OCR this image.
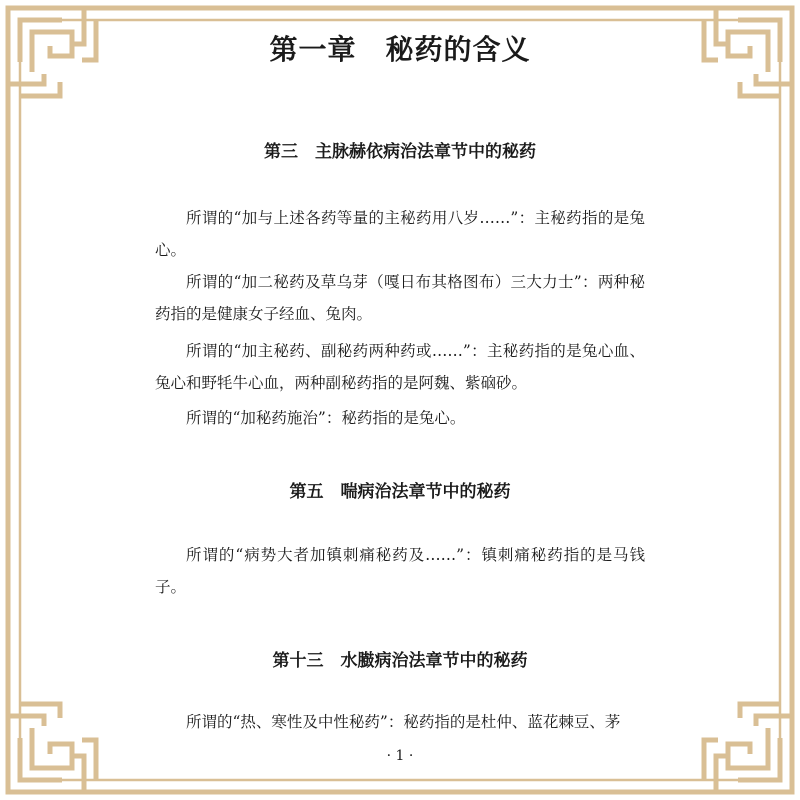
第一章　秘药的含义
第三　主脉赫依病治法章节中的秘药

所谓的“加与上述各药等量的主秘药用八岁……”：主秘药指的是兔心。

所谓的“加二秘药及草乌芽（嘎日布其格图布）三大力士”：两种秘药指的是健康女子经血、兔肉。

所谓的“加主秘药、副秘药两种药或……”：主秘药指的是兔心血、兔心和野牦牛心血，两种副秘药指的是阿魏、紫硇砂。

所谓的“加秘药施治”：秘药指的是兔心。

第五　喘病治法章节中的秘药

所谓的“病势大者加镇刺痛秘药及……”：镇刺痛秘药指的是马钱子。

第十三　水臌病治法章节中的秘药

所谓的“热、寒性及中性秘药”：秘药指的是杜仲、蓝花棘豆、茅

· 1 ·
